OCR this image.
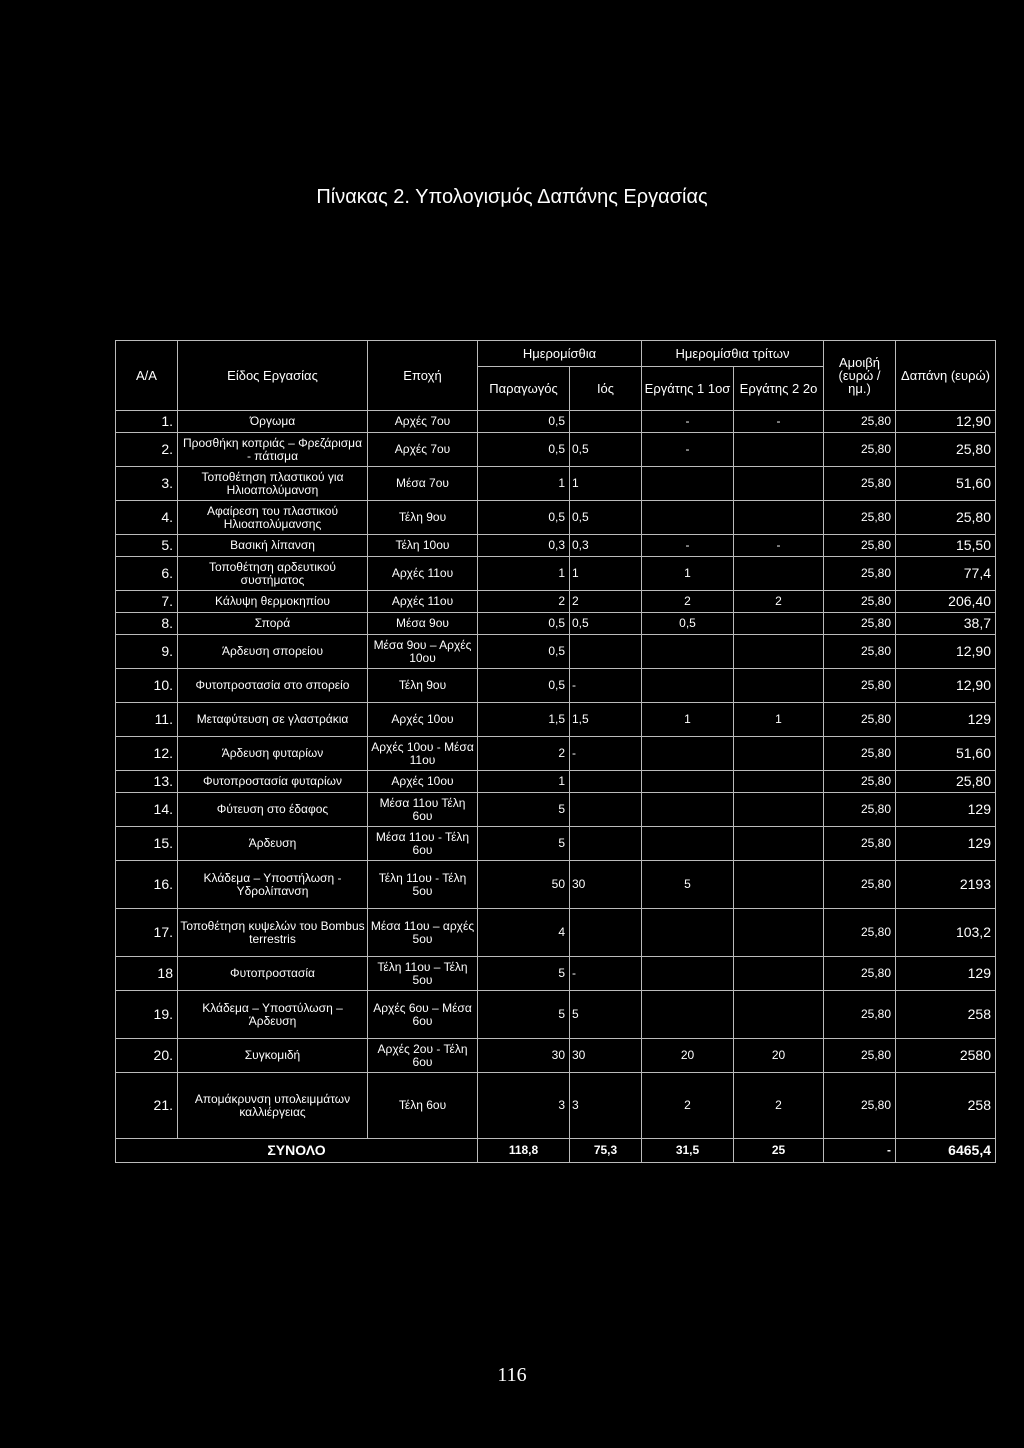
Πίνακας 2. Υπολογισμός Δαπάνης Εργασίας
Α/Α	Είδος Εργασίας	Εποχή	Ημερομίσθια		Ημερομίσθια τρίτων		Αμοιβή (ευρώ / ημ.)	Δαπάνη (ευρώ)
			Παραγωγός	Ιός	Εργάτης 1 1οσ	Εργάτης 2 2ο		
1.	Όργωμα	Αρχές 7ου	0,5		-	-	25,80	12,90
2.	Προσθήκη κοπριάς – Φρεζάρισμα - πάτισμα	Αρχές 7ου	0,5	0,5	-		25,80	25,80
3.	Τοποθέτηση πλαστικού για Ηλιοαπολύμανση	Μέσα 7ου	1	1			25,80	51,60
4.	Αφαίρεση του πλαστικού Ηλιοαπολύμανσης	Τέλη 9ου	0,5	0,5			25,80	25,80
5.	Βασική λίπανση	Τέλη 10ου	0,3	0,3	-	-	25,80	15,50
6.	Τοποθέτηση αρδευτικού συστήματος	Αρχές 11ου	1	1	1		25,80	77,4
7.	Κάλυψη θερμοκηπίου	Αρχές 11ου	2	2	2	2	25,80	206,40
8.	Σπορά	Μέσα 9ου	0,5	0,5	0,5		25,80	38,7
9.	Άρδευση σπορείου	Μέσα 9ου – Αρχές 10ου	0,5				25,80	12,90
10.	Φυτοπροστασία στο σπορείο	Τέλη 9ου	0,5	-			25,80	12,90
11.	Μεταφύτευση σε γλαστράκια	Αρχές 10ου	1,5	1,5	1	1	25,80	129
12.	Άρδευση φυταρίων	Αρχές 10ου - Μέσα 11ου	2	-			25,80	51,60
13.	Φυτοπροστασία φυταρίων	Αρχές 10ου	1				25,80	25,80
14.	Φύτευση στο έδαφος	Μέσα 11ου Τέλη 6ου	5				25,80	129
15.	Άρδευση	Μέσα 11ου - Τέλη 6ου	5				25,80	129
16.	Κλάδεμα – Υποστήλωση - Υδρολίπανση	Τέλη 11ου - Τέλη 5ου	50	30	5		25,80	2193
17.	Τοποθέτηση κυψελών του Bombus terrestris	Μέσα 11ου – αρχές 5ου	4				25,80	103,2
18	Φυτοπροστασία	Τέλη 11ου – Τέλη 5ου	5	-			25,80	129
19.	Κλάδεμα – Υποστύλωση – Άρδευση	Αρχές 6ου – Μέσα 6ου	5	5			25,80	258
20.	Συγκομιδή	Αρχές 2ου - Τέλη 6ου	30	30	20	20	25,80	2580
21.	Απομάκρυνση υπολειμμάτων καλλιέργειας	Τέλη 6ου	3	3	2	2	25,80	258
ΣΥΝΟΛΟ			118,8	75,3	31,5	25	-	6465,4
116
